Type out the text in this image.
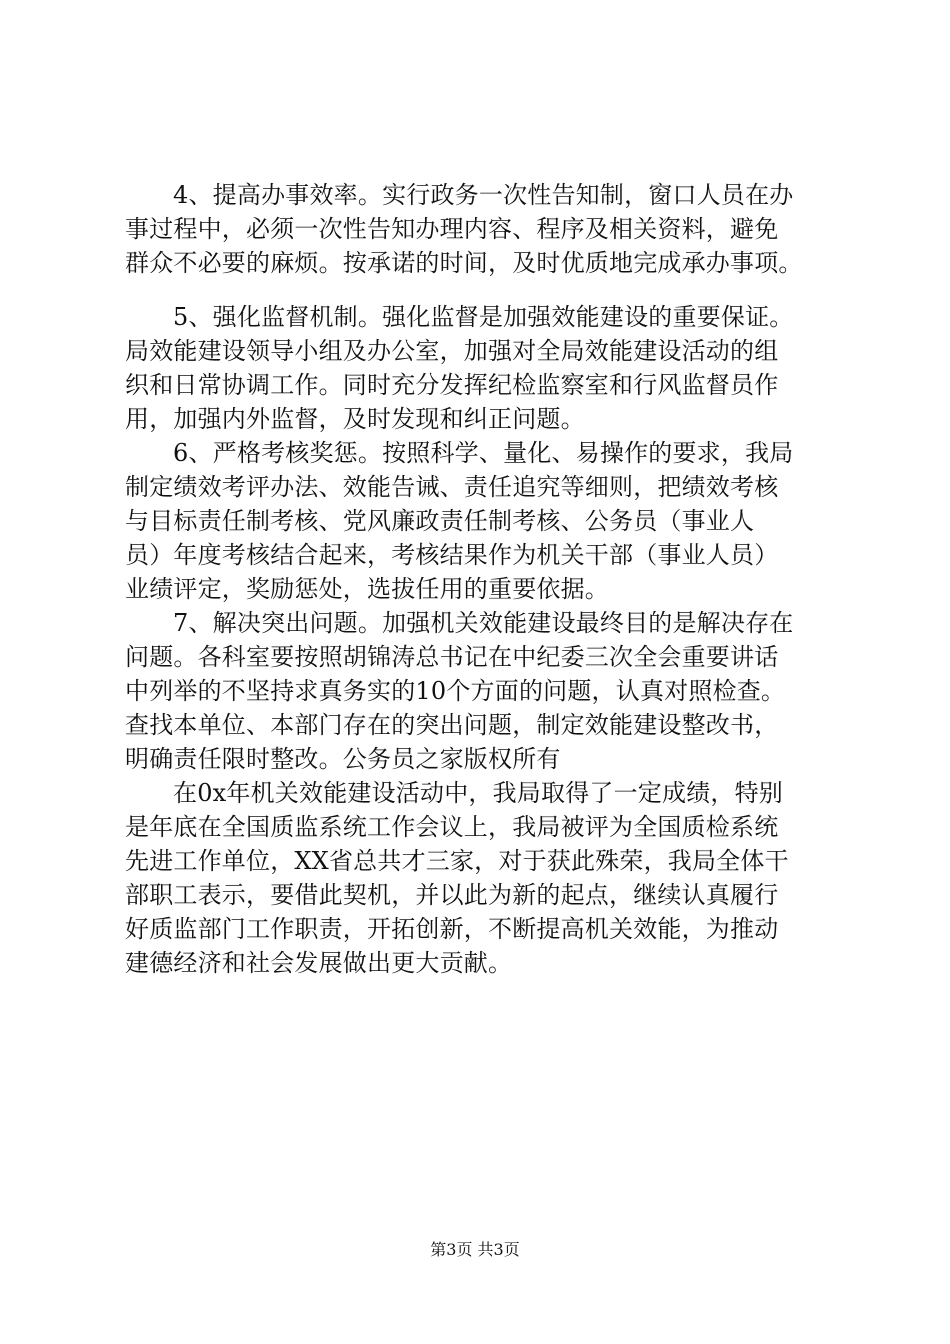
4、提高办事效率。实行政务一次性告知制，窗口人员在办
事过程中，必须一次性告知办理内容、程序及相关资料，避免
群众不必要的麻烦。按承诺的时间，及时优质地完成承办事项。
5、强化监督机制。强化监督是加强效能建设的重要保证。
局效能建设领导小组及办公室，加强对全局效能建设活动的组
织和日常协调工作。同时充分发挥纪检监察室和行风监督员作
用，加强内外监督，及时发现和纠正问题。
6、严格考核奖惩。按照科学、量化、易操作的要求，我局
制定绩效考评办法、效能告诫、责任追究等细则，把绩效考核
与目标责任制考核、党风廉政责任制考核、公务员（事业人
员）年度考核结合起来，考核结果作为机关干部（事业人员）
业绩评定，奖励惩处，选拔任用的重要依据。
7、解决突出问题。加强机关效能建设最终目的是解决存在
问题。各科室要按照胡锦涛总书记在中纪委三次全会重要讲话
中列举的不坚持求真务实的10个方面的问题，认真对照检查。
查找本单位、本部门存在的突出问题，制定效能建设整改书，
明确责任限时整改。公务员之家版权所有
在0x年机关效能建设活动中，我局取得了一定成绩，特别
是年底在全国质监系统工作会议上，我局被评为全国质检系统
先进工作单位，XX省总共才三家，对于获此殊荣，我局全体干
部职工表示，要借此契机，并以此为新的起点，继续认真履行
好质监部门工作职责，开拓创新，不断提高机关效能，为推动
建德经济和社会发展做出更大贡献。
第3页 共3页
